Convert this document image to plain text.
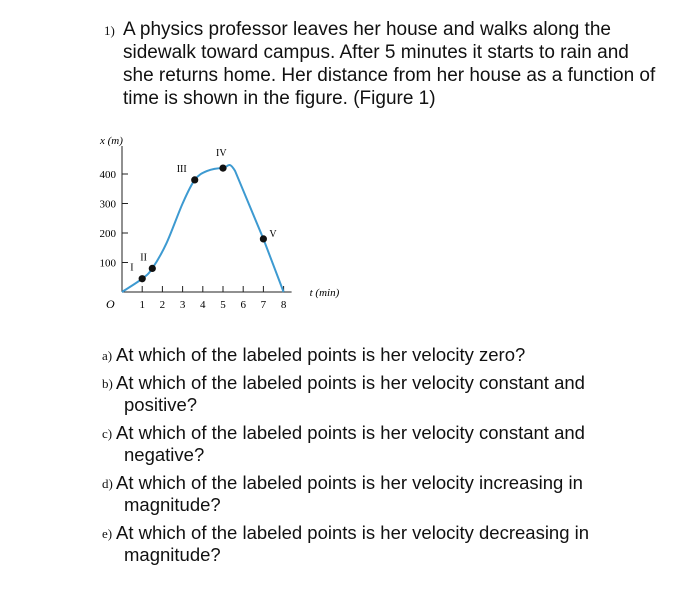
1) A physics professor leaves her house and walks along the sidewalk toward campus. After 5 minutes it starts to rain and she returns home. Her distance from her house as a function of time is shown in the figure. (Figure 1)
x (m)
t (min)
O
100
200
300
400
1 2 3 4 5 6 7 8
I
II
III
IV
V
a) At which of the labeled points is her velocity zero?
b) At which of the labeled points is her velocity constant and positive?
c) At which of the labeled points is her velocity constant and negative?
d) At which of the labeled points is her velocity increasing in magnitude?
e) At which of the labeled points is her velocity decreasing in magnitude?
